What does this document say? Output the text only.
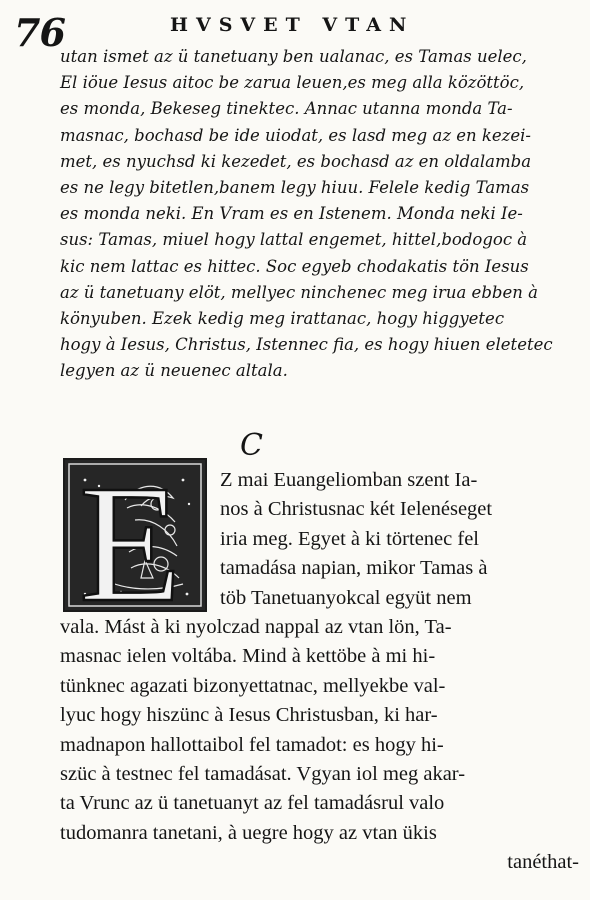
76	HVSVET VTAN
utan ismet az ü tanetuany ben ualanac, es Tamas uelec,
El iöue Iesus aitoc be zarua leuen,es meg alla közöttöc,
es monda, Bekeseg tinektec. Annac utanna monda Ta-
masnac, bochasd be ide uiodat, es lasd meg az en kezei-
met, es nyuchsd ki kezedet, es bochasd az en oldalamba
es ne legy bitetlen,banem legy hiuu. Felele kedig Tamas
es monda neki. En Vram es en Istenem. Monda neki Ie-
sus: Tamas, miuel hogy lattal engemet, hittel,bodogoc à
kic nem lattac es hittec. Soc egyeb chodakatis tön Iesus
az ü tanetuany elöt, mellyec ninchenec meg irua ebben à
könyuben. Ezek kedig meg irattanac, hogy higgyetec
hogy à Iesus, Christus, Istennec fia, es hogy hiuen eletetec
legyen az ü neuenec altala.
C
E	Z mai Euangeliomban szent Ia-
nos à Christusnac két Ielenéseget
iria meg. Egyet à ki törtenec fel
tamadása napian, mikor Tamas à
töb Tanetuanyokcal együt nem
vala. Mást à ki nyolczad nappal az vtan lön, Ta-
masnac ielen voltába. Mind à kettöbe à mi hi-
tünknec agazati bizonyettatnac, mellyekbe val-
lyuc hogy hiszünc à Iesus Christusban, ki har-
madnapon hallottaibol fel tamadot: es hogy hi-
szüc à testnec fel tamadásat. Vgyan iol meg akar-
ta Vrunc az ü tanetuanyt az fel tamadásrul valo
tudomanra tanetani, à uegre hogy az vtan ükis
tanéthat-
